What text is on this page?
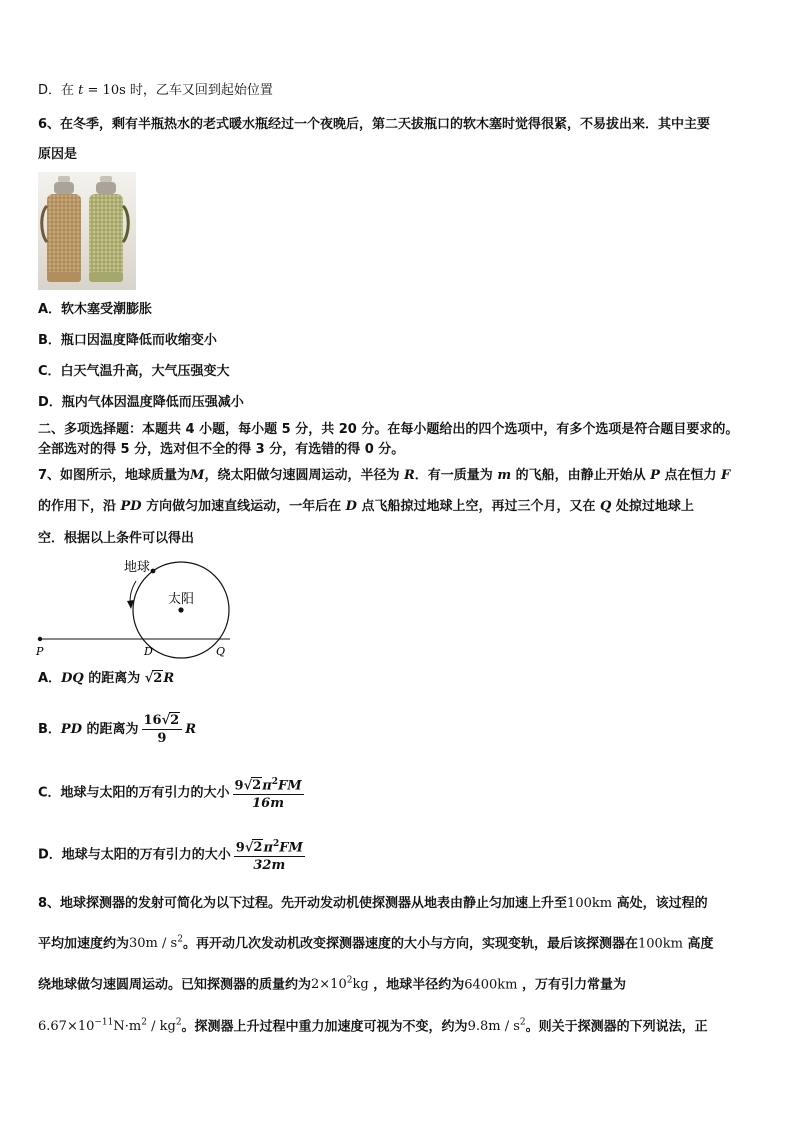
D．在 t = 10s 时，乙车又回到起始位置
6、在冬季，剩有半瓶热水的老式暖水瓶经过一个夜晚后，第二天拔瓶口的软木塞时觉得很紧，不易拔出来．其中主要
原因是
A．软木塞受潮膨胀
B．瓶口因温度降低而收缩变小
C．白天气温升高，大气压强变大
D．瓶内气体因温度降低而压强减小
二、多项选择题：本题共 4 小题，每小题 5 分，共 20 分。在每小题给出的四个选项中，有多个选项是符合题目要求的。
全部选对的得 5 分，选对但不全的得 3 分，有选错的得 0 分。
7、如图所示，地球质量为M，绕太阳做匀速圆周运动，半径为 R．有一质量为 m 的飞船，由静止开始从 P 点在恒力 F
的作用下，沿 PD 方向做匀加速直线运动，一年后在 D 点飞船掠过地球上空，再过三个月，又在 Q 处掠过地球上
空．根据以上条件可以得出
地球
太阳
P	D	Q
A．DQ 的距离为 √2R
B．PD 的距离为 $\frac{16√2}{9}$ R
C．地球与太阳的万有引力的大小 $\frac{9√2\pi^2FM}{16m}$
D．地球与太阳的万有引力的大小 $\frac{9√2\pi^2FM}{32m}$
8、地球探测器的发射可简化为以下过程。先开动发动机使探测器从地表由静止匀加速上升至100km 高处，该过程的
平均加速度约为$30m / s^2$。再开动几次发动机改变探测器速度的大小与方向，实现变轨，最后该探测器在100km 高度
绕地球做匀速圆周运动。已知探测器的质量约为$2\times 10^2kg$ ，地球半径约为6400km ，万有引力常量为
$6.67\times 10^{-11}N\cdot m^2 / kg^2$。探测器上升过程中重力加速度可视为不变，约为$9.8m / s^2$。则关于探测器的下列说法，正
